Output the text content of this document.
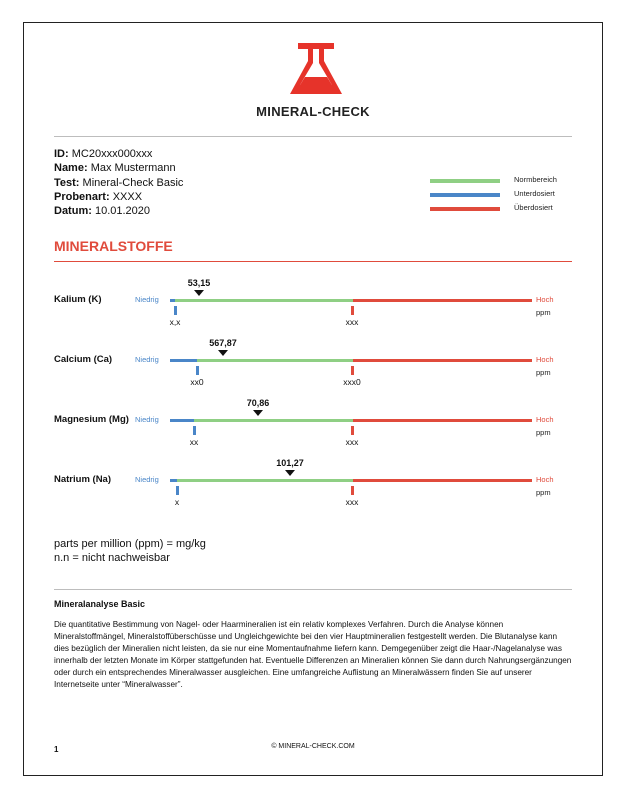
MINERAL-CHECK
ID: MC20xxx000xxx
Name: Max Mustermann
Test: Mineral-Check Basic
Probenart: XXXX
Datum: 10.01.2020
Normbereich
Unterdosiert
Überdosiert
MINERALSTOFFE
Kalium (K)	Niedrig	Hoch
ppm
53,15
x,x	xxx
Calcium (Ca)	Niedrig	Hoch
ppm
567,87
xx0	xxx0
Magnesium (Mg) Niedrig	Hoch
ppm
70,86
xx	xxx
Natrium (Na)	Niedrig	Hoch
ppm
101,27
x	xxx
parts per million (ppm) = mg/kg
n.n = nicht nachweisbar
Mineralanalyse Basic
Die quantitative Bestimmung von Nagel- oder Haarmineralien ist ein relativ komplexes Verfahren. Durch die Analyse können Mineralstoffmängel, Mineralstoffüberschüsse und Ungleichgewichte bei den vier Hauptmineralien festgestellt werden. Die Blutanalyse kann dies bezüglich der Mineralien nicht leisten, da sie nur eine Momentaufnahme liefern kann. Demgegenüber zeigt die Haar-/Nagelanalyse was innerhalb der letzten Monate im Körper stattgefunden hat. Eventuelle Differenzen an Mineralien können Sie dann durch Nahrungsergänzungen oder durch ein entsprechendes Mineralwasser ausgleichen. Eine umfangreiche Auflistung an Mineralwässern finden Sie auf unserer Internetseite unter “Mineralwasser”.
1	© MINERAL-CHECK.COM
